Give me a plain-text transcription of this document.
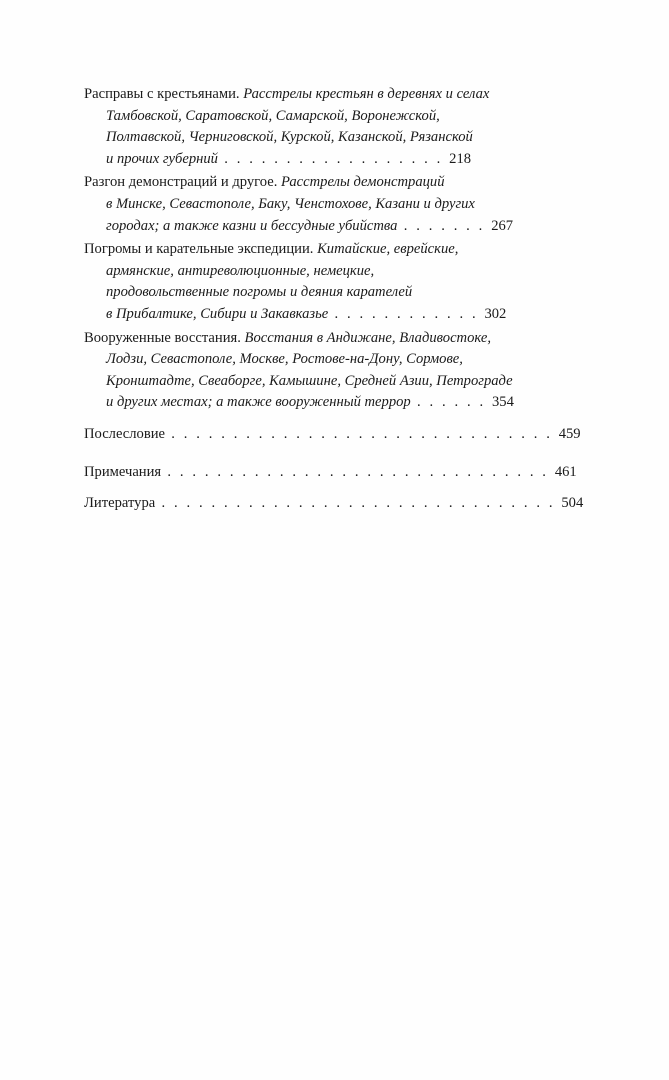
Расправы с крестьянами. Расстрелы крестьян в деревнях и селах
Тамбовской, Саратовской, Самарской, Воронежской,
Полтавской, Черниговской, Курской, Казанской, Рязанской
и прочих губерний . . . . . . . . . . . . . . . . . . 218
Разгон демонстраций и другое. Расстрелы демонстраций
в Минске, Севастополе, Баку, Ченстохове, Казани и других
городах; а также казни и бессудные убийства . . . . . . . 267
Погромы и карательные экспедиции. Китайские, еврейские,
армянские, антиреволюционные, немецкие,
продовольственные погромы и деяния карателей
в Прибалтике, Сибири и Закавказье . . . . . . . . . . . . 302
Вооруженные восстания. Восстания в Андижане, Владивостоке,
Лодзи, Севастополе, Москве, Ростове-на-Дону, Сормове,
Кронштадте, Свеаборге, Камышине, Средней Азии, Петрограде
и других местах; а также вооруженный террор . . . . . . 354
Послесловие . . . . . . . . . . . . . . . . . . . . . . . . . . . . . . . 459
Примечания . . . . . . . . . . . . . . . . . . . . . . . . . . . . . . . 461
Литература . . . . . . . . . . . . . . . . . . . . . . . . . . . . . . . . 504
